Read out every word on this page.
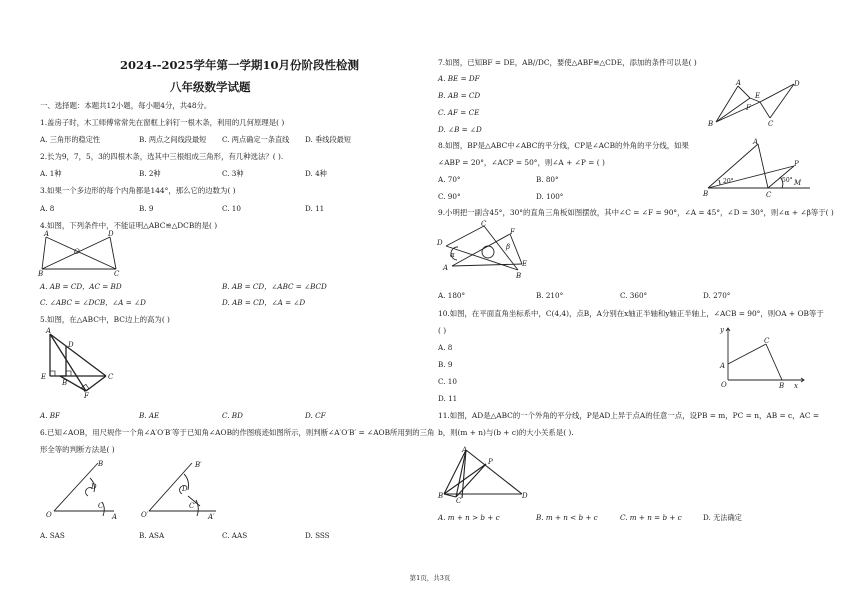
2024--2025学年第一学期10月份阶段性检测
八年级数学试题
一、选择题：本题共12小题，每小题4分，共48分。
1.盖房子时，木工师傅常常先在窗框上斜钉一根木条，利用的几何原理是( )
A. 三角形的稳定性	B. 两点之间线段最短 C. 两点确定一条直线 D. 垂线段最短
2.长为9，7，5，3的四根木条，选其中三根组成三角形，有几种选法？( ).
A. 1种	B. 2种	C. 3种	D. 4种
3.如果一个多边形的每个内角都是144°，那么它的边数为( )
A. 8	B. 9	C. 10	D. 11
4.如图，下列条件中，不能证明△ABC≌△DCB的是( )
A	D
O
B	C
A. AB = CD，AC = BD	B. AB = CD，∠ABC = ∠BCD
C. ∠ABC = ∠DCB，∠A = ∠D	D. AB = CD，∠A = ∠D
5.如图，在△ABC中，BC边上的高为( )
A
D
E
B
C
F
A. BF	B. AE	C. BD	D. CF
6.已知∠AOB，用尺规作一个角∠A′O′B′等于已知角∠AOB的作图痕迹如图所示，则判断∠A′O′B′ = ∠AOB所用到的三角
形全等的判断方法是( )
B
D
C
O	A
B′
D′
C′
O′	A′
A. SAS	B. ASA	C. AAS	D. SSS
7.如图，已知BF = DE，AB//DC，要使△ABF≌△CDE，添加的条件可以是( )
A. BE = DF
B. AB = CD
C. AF = CE
D. ∠B = ∠D
A	D
E
F
B	C
8.如图，BP是△ABC中∠ABC的平分线，CP是∠ACB的外角的平分线，如果
∠ABP = 20°，∠ACP = 50°，则∠A + ∠P = ( )
A
P
20°	50°
B	C
M
A. 70°	B. 80°
C. 90°	D. 100°
9.小明把一副含45°，30°的直角三角板如图摆放，其中∠C = ∠F = 90°，∠A = 45°，∠D = 30°，则∠α + ∠β等于( )
D
C
F
α
β
A	E
B
A. 180°	B. 210°	C. 360°	D. 270°
10.如图，在平面直角坐标系中，C(4,4)，点B，A分别在x轴正半轴和y轴正半轴上，∠ACB = 90°，则OA + OB等于
( )
A. 8
B. 9
C. 10
D. 11
y
C
A
O	B x
11.如图，AD是△ABC的一个外角的平分线，P是AD上异于点A的任意一点，设PB = m，PC = n，AB = c，AC =
b，则(m + n)与(b + c)的大小关系是( ).
A
P
B
C
D
A. m + n > b + c	B. m + n < b + c	C. m + n = b + c	D. 无法确定
第1页，共3页
